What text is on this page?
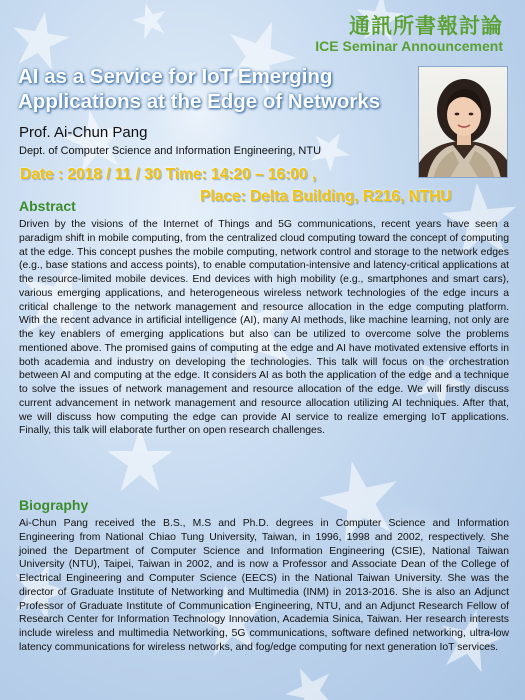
通訊所書報討論
ICE Seminar Announcement
AI as a Service for IoT Emerging
Applications at the Edge of Networks
Prof. Ai-Chun Pang
Dept. of Computer Science and Information Engineering, NTU
Date : 2018 / 11 / 30 Time: 14:20 – 16:00 ,
Place: Delta Building, R216, NTHU
Abstract
Driven by the visions of the Internet of Things and 5G communications, recent years have seen a paradigm shift in mobile computing, from the centralized cloud computing toward the concept of computing at the edge. This concept pushes the mobile computing, network control and storage to the network edges (e.g., base stations and access points), to enable computation-intensive and latency-critical applications at the resource-limited mobile devices. End devices with high mobility (e.g., smartphones and smart cars), various emerging applications, and heterogeneous wireless network technologies of the edge incurs a critical challenge to the network management and resource allocation in the edge computing platform. With the recent advance in artificial intelligence (AI), many AI methods, like machine learning, not only are the key enablers of emerging applications but also can be utilized to overcome solve the problems mentioned above. The promised gains of computing at the edge and AI have motivated extensive efforts in both academia and industry on developing the technologies. This talk will focus on the orchestration between AI and computing at the edge. It considers AI as both the application of the edge and a technique to solve the issues of network management and resource allocation of the edge. We will firstly discuss current advancement in network management and resource allocation utilizing AI techniques. After that, we will discuss how computing the edge can provide AI service to realize emerging IoT applications. Finally, this talk will elaborate further on open research challenges.
Biography
Ai-Chun Pang received the B.S., M.S and Ph.D. degrees in Computer Science and Information Engineering from National Chiao Tung University, Taiwan, in 1996, 1998 and 2002, respectively. She joined the Department of Computer Science and Information Engineering (CSIE), National Taiwan University (NTU), Taipei, Taiwan in 2002, and is now a Professor and Associate Dean of the College of Electrical Engineering and Computer Science (EECS) in the National Taiwan University. She was the director of Graduate Institute of Networking and Multimedia (INM) in 2013-2016. She is also an Adjunct Professor of Graduate Institute of Communication Engineering, NTU, and an Adjunct Research Fellow of Research Center for Information Technology Innovation, Academia Sinica, Taiwan. Her research interests include wireless and multimedia Networking, 5G communications, software defined networking, ultra-low latency communications for wireless networks, and fog/edge computing for next generation IoT services.
